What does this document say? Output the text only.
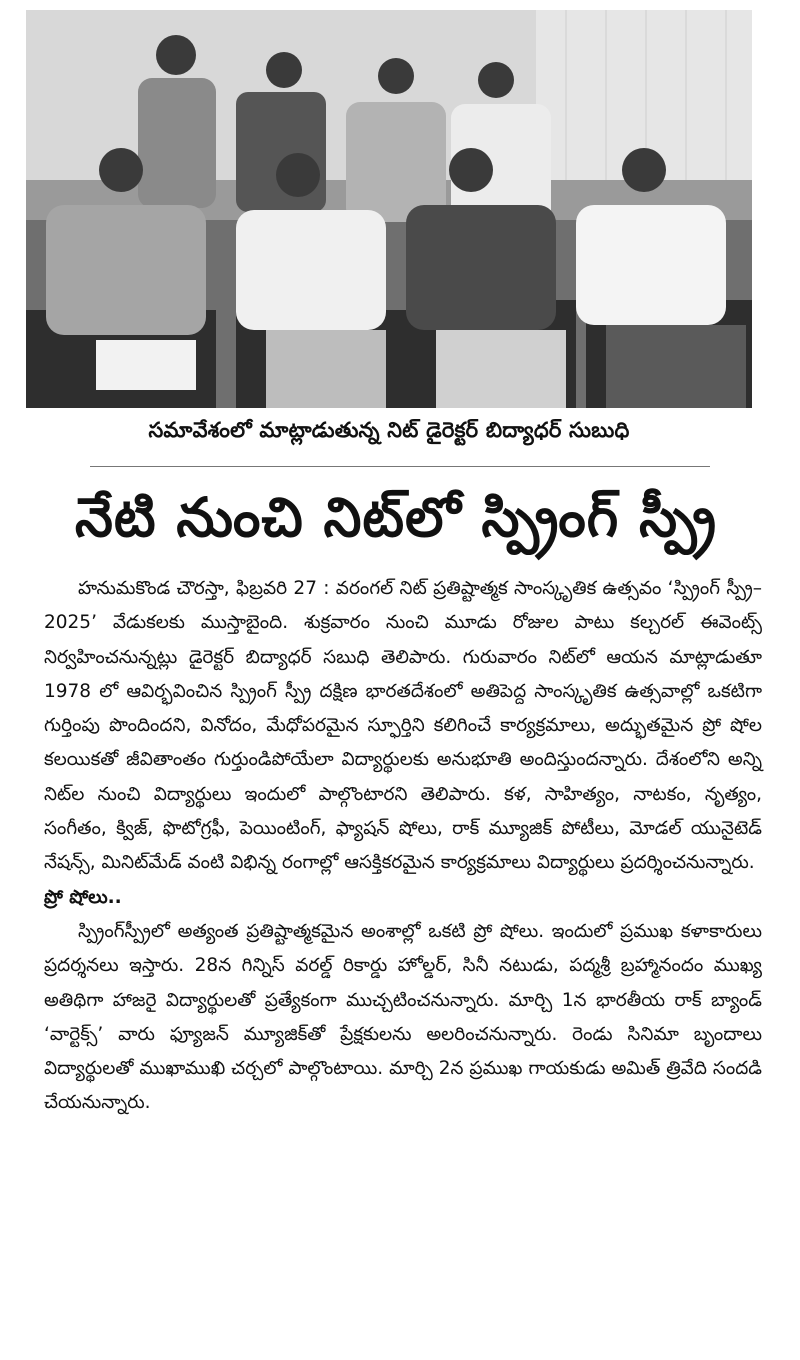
సమావేశంలో మాట్లాడుతున్న నిట్ డైరెక్టర్ బిద్యాధర్ సుబుధి
నేటి నుంచి నిట్‌లో స్ప్రింగ్ స్ప్రీ

హనుమకొండ చౌరస్తా, ఫిబ్రవరి 27 : వరంగల్ నిట్ ప్రతిష్టాత్మక సాంస్కృతిక ఉత్సవం ‘స్ప్రింగ్ స్ప్రీ–2025’ వేడుకలకు ముస్తాబైంది. శుక్రవారం నుంచి మూడు రోజుల పాటు కల్చరల్ ఈవెంట్స్ నిర్వహించనున్నట్లు డైరెక్టర్ బిద్యాధర్ సబుధి తెలిపారు. గురువారం నిట్‌లో ఆయన మాట్లాడుతూ 1978 లో ఆవిర్భవించిన స్ప్రింగ్ స్ప్రీ దక్షిణ భారతదేశంలో అతిపెద్ద సాంస్కృతిక ఉత్సవాల్లో ఒకటిగా గుర్తింపు పొందిందని, వినోదం, మేధోపరమైన స్ఫూర్తిని కలిగించే కార్యక్రమాలు, అద్భుతమైన ప్రో షోల కలయికతో జీవితాంతం గుర్తుండిపోయేలా విద్యార్థులకు అనుభూతి అందిస్తుందన్నారు. దేశంలోని అన్ని నిట్‌ల నుంచి విద్యార్థులు ఇందులో పాల్గొంటారని తెలిపారు. కళ, సాహిత్యం, నాటకం, నృత్యం, సంగీతం, క్విజ్, ఫొటోగ్రఫీ, పెయింటింగ్, ఫ్యాషన్ షోలు, రాక్ మ్యూజిక్ పోటీలు, మోడల్ యునైటెడ్ నేషన్స్, మినిట్‌మేడ్ వంటి విభిన్న రంగాల్లో ఆసక్తికరమైన కార్యక్రమాలు విద్యార్థులు ప్రదర్శించనున్నారు.

ప్రో షోలు..

స్ప్రింగ్‌స్ప్రీలో అత్యంత ప్రతిష్టాత్మకమైన అంశాల్లో ఒకటి ప్రో షోలు. ఇందులో ప్రముఖ కళాకారులు ప్రదర్శనలు ఇస్తారు. 28న గిన్నిస్ వరల్డ్ రికార్డు హోల్డర్, సినీ నటుడు, పద్మశ్రీ బ్రహ్మానందం ముఖ్య అతిథిగా హాజరై విద్యార్థులతో ప్రత్యేకంగా ముచ్చటించనున్నారు. మార్చి 1న భారతీయ రాక్ బ్యాండ్ ‘వార్టెక్స్’ వారు ఫ్యూజన్ మ్యూజిక్‌తో ప్రేక్షకులను అలరించనున్నారు. రెండు సినిమా బృందాలు విద్యార్థులతో ముఖాముఖి చర్చలో పాల్గొంటాయి. మార్చి 2న ప్రముఖ గాయకుడు అమిత్ త్రివేది సందడి చేయనున్నారు.
